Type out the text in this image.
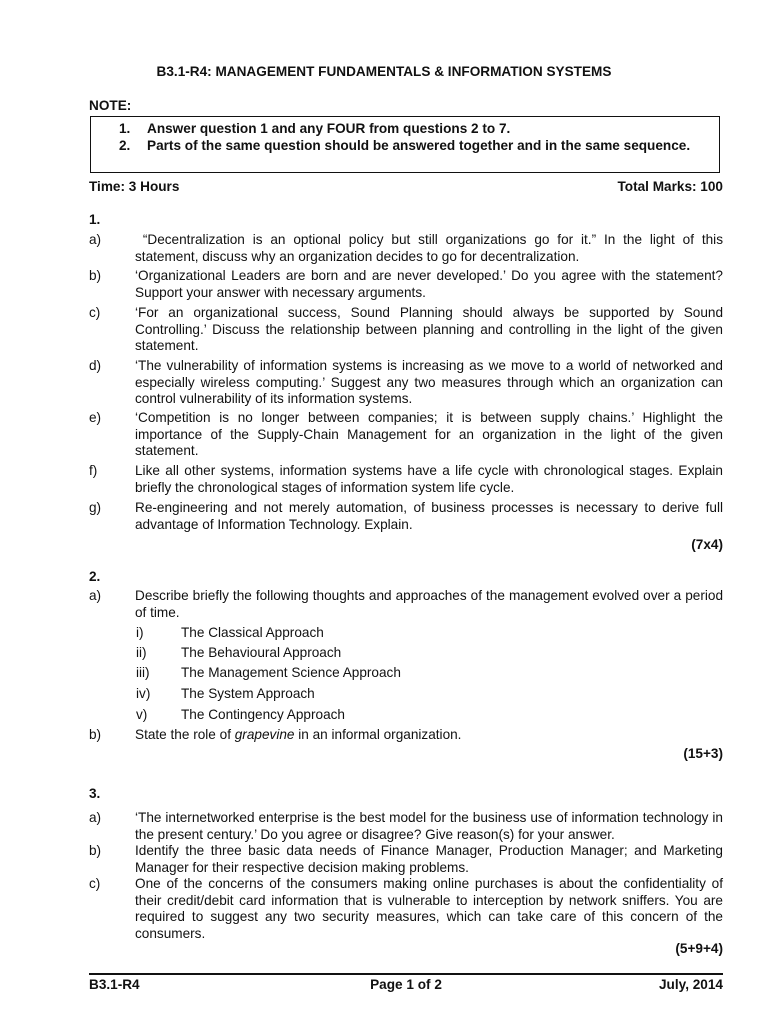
B3.1-R4: MANAGEMENT FUNDAMENTALS & INFORMATION SYSTEMS
NOTE:
1.	Answer question 1 and any FOUR from questions 2 to 7.
2.	Parts of the same question should be answered together and in the same sequence.
Time: 3 Hours	Total Marks: 100
1.
a)	“Decentralization is an optional policy but still organizations go for it.” In the light of this statement, discuss why an organization decides to go for decentralization.
b)	‘Organizational Leaders are born and are never developed.’ Do you agree with the statement? Support your answer with necessary arguments.
c)	‘For an organizational success, Sound Planning should always be supported by Sound Controlling.’ Discuss the relationship between planning and controlling in the light of the given statement.
d)	‘The vulnerability of information systems is increasing as we move to a world of networked and especially wireless computing.’ Suggest any two measures through which an organization can control vulnerability of its information systems.
e)	‘Competition is no longer between companies; it is between supply chains.’ Highlight the importance of the Supply-Chain Management for an organization in the light of the given statement.
f)	Like all other systems, information systems have a life cycle with chronological stages. Explain briefly the chronological stages of information system life cycle.
g)	Re-engineering and not merely automation, of business processes is necessary to derive full advantage of Information Technology. Explain.
(7x4)
2.
a)	Describe briefly the following thoughts and approaches of the management evolved over a period of time.
i)	The Classical Approach
ii)	The Behavioural Approach
iii)	The Management Science Approach
iv)	The System Approach
v)	The Contingency Approach
b)	State the role of grapevine in an informal organization.
(15+3)
3.
a)	‘The internetworked enterprise is the best model for the business use of information technology in the present century.’ Do you agree or disagree? Give reason(s) for your answer.
b)	Identify the three basic data needs of Finance Manager, Production Manager; and Marketing Manager for their respective decision making problems.
c)	One of the concerns of the consumers making online purchases is about the confidentiality of their credit/debit card information that is vulnerable to interception by network sniffers. You are required to suggest any two security measures, which can take care of this concern of the consumers.
(5+9+4)
B3.1-R4	Page 1 of 2	July, 2014
